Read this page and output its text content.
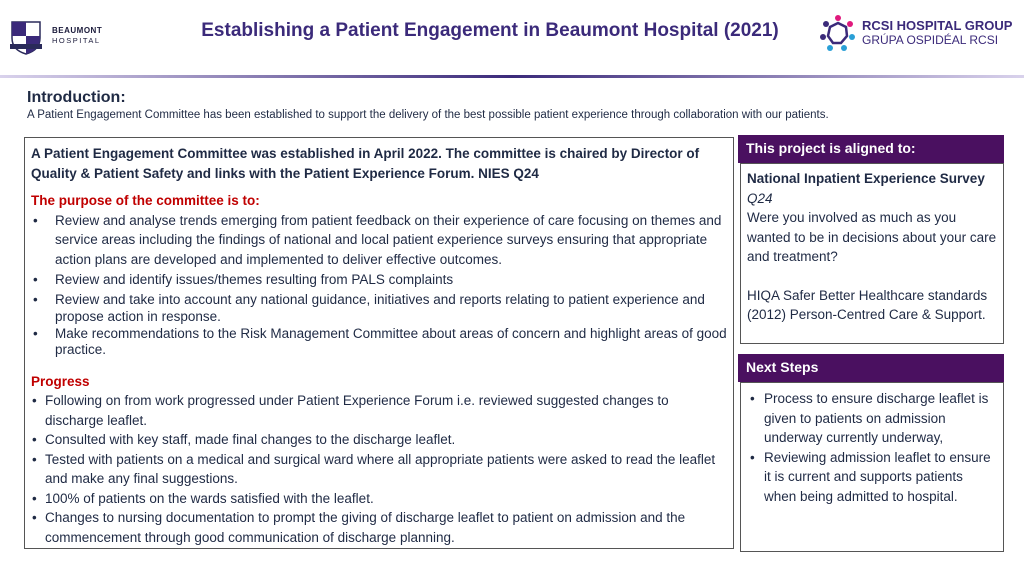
BEAUMONT
HOSPITAL	Establishing a Patient Engagement in Beaumont Hospital (2021)	RCSI HOSPITAL GROUP
GRÚPA OSPIDÉAL RCSI
Introduction:
A Patient Engagement Committee has been established to support the delivery of the best possible patient experience through collaboration with our patients.
A Patient Engagement Committee was established in April 2022. The committee is chaired by Director of Quality & Patient Safety and links with the Patient Experience Forum. NIES Q24
The purpose of the committee is to:
• Review and analyse trends emerging from patient feedback on their experience of care focusing on themes and service areas including the findings of national and local patient experience surveys ensuring that appropriate action plans are developed and implemented to deliver effective outcomes.
• Review and identify issues/themes resulting from PALS complaints
• Review and take into account any national guidance, initiatives and reports relating to patient experience and propose action in response.
• Make recommendations to the Risk Management Committee about areas of concern and highlight areas of good practice.
Progress
• Following on from work progressed under Patient Experience Forum i.e. reviewed suggested changes to discharge leaflet.
• Consulted with key staff, made final changes to the discharge leaflet.
• Tested with patients on a medical and surgical ward where all appropriate patients were asked to read the leaflet and make any final suggestions.
• 100% of patients on the wards satisfied with the leaflet.
• Changes to nursing documentation to prompt the giving of discharge leaflet to patient on admission and the commencement through good communication of discharge planning.
This project is aligned to:
National Inpatient Experience Survey
Q24
Were you involved as much as you wanted to be in decisions about your care and treatment?
HIQA Safer Better Healthcare standards (2012) Person-Centred Care & Support.
Next Steps
• Process to ensure discharge leaflet is given to patients on admission underway currently underway,
• Reviewing admission leaflet to ensure it is current and supports patients when being admitted to hospital.
